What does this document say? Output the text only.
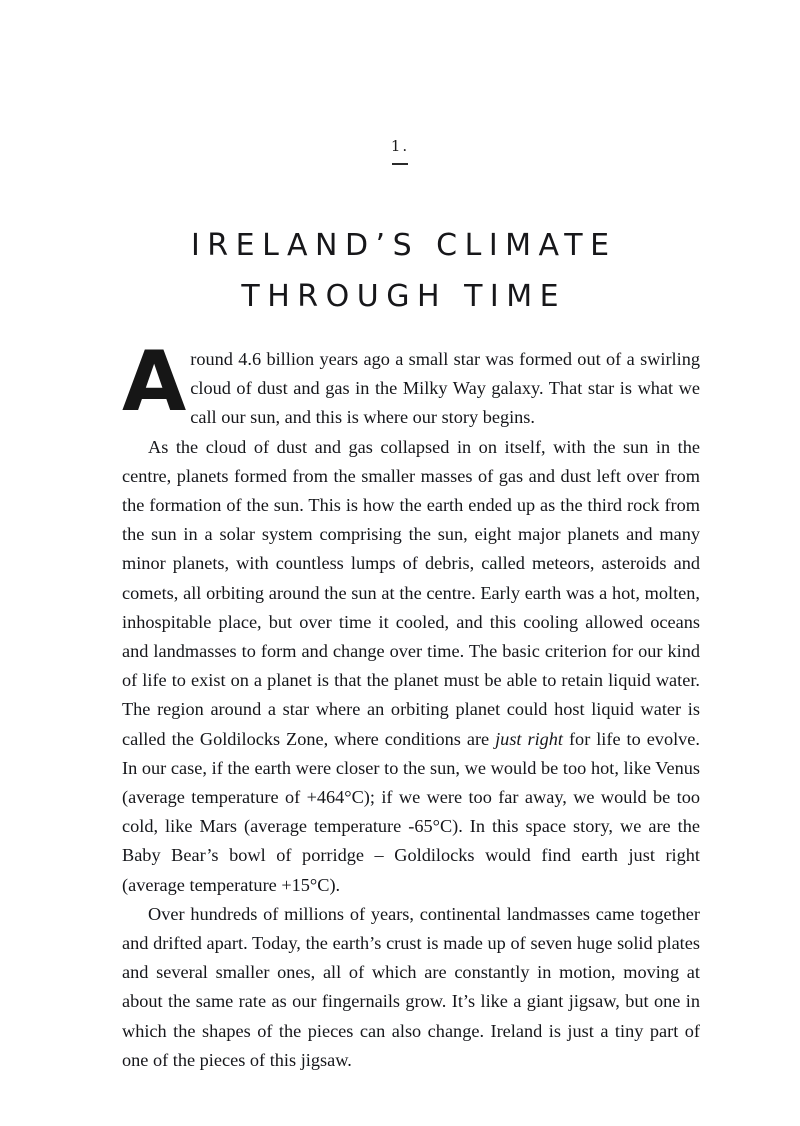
1.
IRELAND’S CLIMATE
THROUGH TIME

Around 4.6 billion years ago a small star was formed out of a swirling cloud of dust and gas in the Milky Way galaxy. That star is what we call our sun, and this is where our story begins.

As the cloud of dust and gas collapsed in on itself, with the sun in the centre, planets formed from the smaller masses of gas and dust left over from the formation of the sun. This is how the earth ended up as the third rock from the sun in a solar system comprising the sun, eight major planets and many minor planets, with countless lumps of debris, called meteors, asteroids and comets, all orbiting around the sun at the centre. Early earth was a hot, molten, inhospitable place, but over time it cooled, and this cooling allowed oceans and landmasses to form and change over time. The basic criterion for our kind of life to exist on a planet is that the planet must be able to retain liquid water. The region around a star where an orbiting planet could host liquid water is called the Goldilocks Zone, where conditions are just right for life to evolve. In our case, if the earth were closer to the sun, we would be too hot, like Venus (average temperature of +464°C); if we were too far away, we would be too cold, like Mars (average temperature -65°C). In this space story, we are the Baby Bear’s bowl of porridge – Goldilocks would find earth just right (average temperature +15°C).

Over hundreds of millions of years, continental landmasses came together and drifted apart. Today, the earth’s crust is made up of seven huge solid plates and several smaller ones, all of which are constantly in motion, moving at about the same rate as our fingernails grow. It’s like a giant jigsaw, but one in which the shapes of the pieces can also change. Ireland is just a tiny part of one of the pieces of this jigsaw.
